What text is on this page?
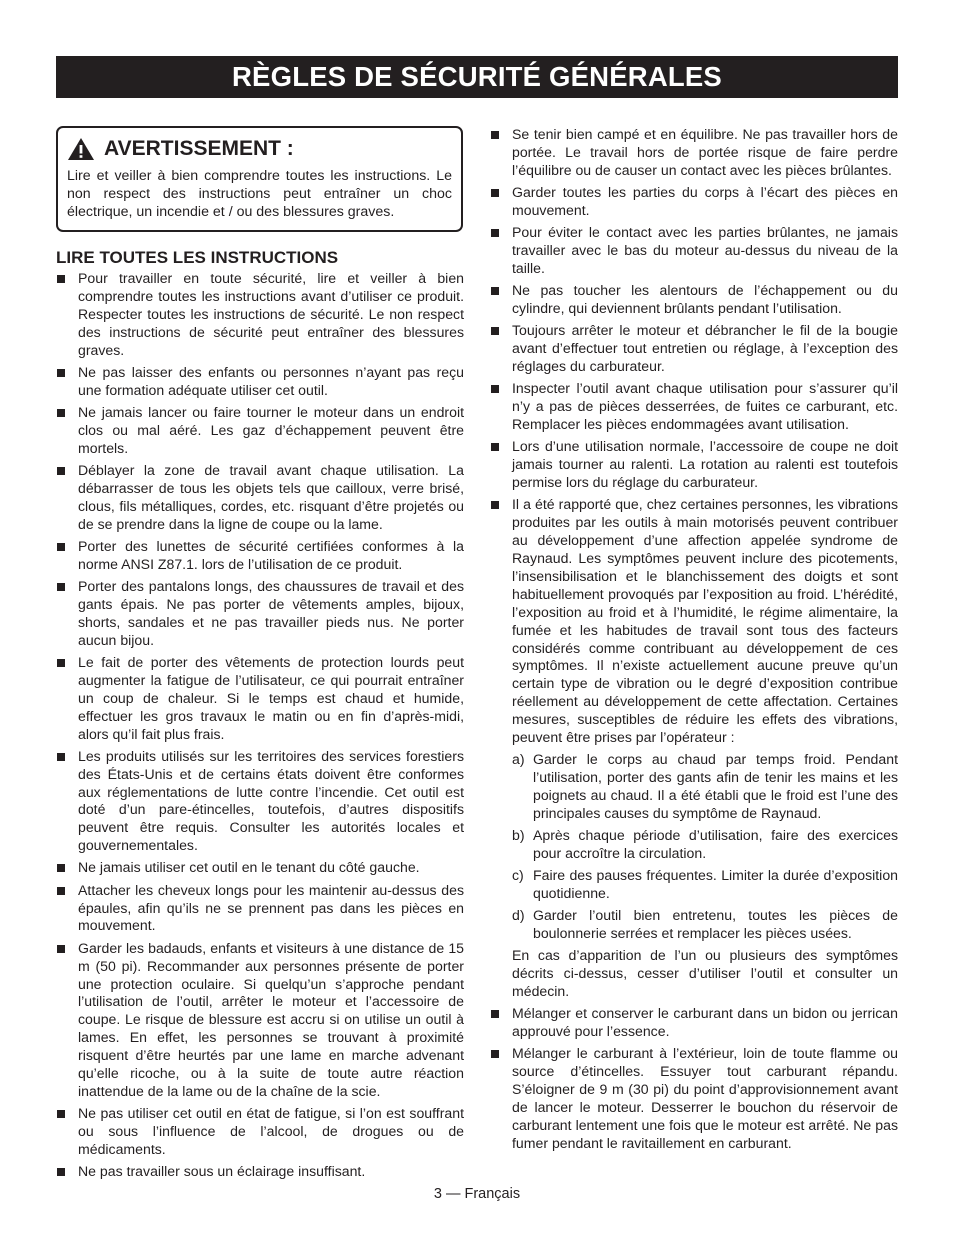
RÈGLES DE SÉCURITÉ GÉNÉRALES
AVERTISSEMENT :
Lire et veiller à bien comprendre toutes les instructions. Le non respect des instructions peut entraîner un choc électrique, un incendie et / ou des blessures graves.
LIRE TOUTES LES INSTRUCTIONS
Pour travailler en toute sécurité, lire et veiller à bien comprendre toutes les instructions avant d’utiliser ce produit. Respecter toutes les instructions de sécurité. Le non respect des instructions de sécurité peut entraîner des blessures graves.
Ne pas laisser des enfants ou personnes n’ayant pas reçu une formation adéquate utiliser cet outil.
Ne jamais lancer ou faire tourner le moteur dans un endroit clos ou mal aéré. Les gaz d’échappement peuvent être mortels.
Déblayer la zone de travail avant chaque utilisation. La débarrasser de tous les objets tels que cailloux, verre brisé, clous, fils métalliques, cordes, etc. risquant d’être projetés ou de se prendre dans la ligne de coupe ou la lame.
Porter des lunettes de sécurité certifiées conformes à la norme ANSI Z87.1. lors de l’utilisation de ce produit.
Porter des pantalons longs, des chaussures de travail et des gants épais. Ne pas porter de vêtements amples, bijoux, shorts, sandales et ne pas travailler pieds nus. Ne porter aucun bijou.
Le fait de porter des vêtements de protection lourds peut augmenter la fatigue de l’utilisateur, ce qui pourrait entraîner un coup de chaleur. Si le temps est chaud et humide, effectuer les gros travaux le matin ou en fin d’après-midi, alors qu’il fait plus frais.
Les produits utilisés sur les territoires des services forestiers des États-Unis et de certains états doivent être conformes aux réglementations de lutte contre l’incendie. Cet outil est doté d’un pare-étincelles, toutefois, d’autres dispositifs peuvent être requis. Consulter les autorités locales et gouvernementales.
Ne jamais utiliser cet outil en le tenant du côté gauche.
Attacher les cheveux longs pour les maintenir au-dessus des épaules, afin qu’ils ne se prennent pas dans les pièces en mouvement.
Garder les badauds, enfants et visiteurs à une distance de 15 m (50 pi). Recommander aux personnes présente de porter une protection oculaire. Si quelqu’un s’approche pendant l’utilisation de l’outil, arrêter le moteur et l’accessoire de coupe. Le risque de blessure est accru si on utilise un outil à lames. En effet, les personnes se trouvant à proximité risquent d’être heurtés par une lame en marche advenant qu’elle ricoche, ou à la suite de toute autre réaction inattendue de la lame ou de la chaîne de la scie.
Ne pas utiliser cet outil en état de fatigue, si l’on est souffrant ou sous l’influence de l’alcool, de drogues ou de médicaments.
Ne pas travailler sous un éclairage insuffisant.
Se tenir bien campé et en équilibre. Ne pas travailler hors de portée. Le travail hors de portée risque de faire perdre l’équilibre ou de causer un contact avec les pièces brûlantes.
Garder toutes les parties du corps à l’écart des pièces en mouvement.
Pour éviter le contact avec les parties brûlantes, ne jamais travailler avec le bas du moteur au-dessus du niveau de la taille.
Ne pas toucher les alentours de l’échappement ou du cylindre, qui deviennent brûlants pendant l’utilisation.
Toujours arrêter le moteur et débrancher le fil de la bougie avant d’effectuer tout entretien ou réglage, à l’exception des réglages du carburateur.
Inspecter l’outil avant chaque utilisation pour s’assurer qu’il n’y a pas de pièces desserrées, de fuites ce carburant, etc. Remplacer les pièces endommagées avant utilisation.
Lors d’une utilisation normale, l’accessoire de coupe ne doit jamais tourner au ralenti. La rotation au ralenti est toutefois permise lors du réglage du carburateur.
Il a été rapporté que, chez certaines personnes, les vibrations produites par les outils à main motorisés peuvent contribuer au développement d’une affection appelée syndrome de Raynaud. Les symptômes peuvent inclure des picotements, l’insensibilisation et le blanchissement des doigts et sont habituellement provoqués par l’exposition au froid. L’hérédité, l’exposition au froid et à l’humidité, le régime alimentaire, la fumée et les habitudes de travail sont tous des facteurs considérés comme contribuant au développement de ces symptômes. Il n’existe actuellement aucune preuve qu’un certain type de vibration ou le degré d’exposition contribue réellement au développement de cette affectation. Certaines mesures, susceptibles de réduire les effets des vibrations, peuvent être prises par l’opérateur :
a) Garder le corps au chaud par temps froid. Pendant l’utilisation, porter des gants afin de tenir les mains et les poignets au chaud. Il a été établi que le froid est l’une des principales causes du symptôme de Raynaud.
b) Après chaque période d’utilisation, faire des exercices pour accroître la circulation.
c) Faire des pauses fréquentes. Limiter la durée d’exposition quotidienne.
d) Garder l’outil bien entretenu, toutes les pièces de boulonnerie serrées et remplacer les pièces usées.
En cas d’apparition de l’un ou plusieurs des symptômes décrits ci-dessus, cesser d’utiliser l’outil et consulter un médecin.
Mélanger et conserver le carburant dans un bidon ou jerrican approuvé pour l’essence.
Mélanger le carburant à l’extérieur, loin de toute flamme ou source d’étincelles. Essuyer tout carburant répandu. S’éloigner de 9 m (30 pi) du point d’approvisionnement avant de lancer le moteur. Desserrer le bouchon du réservoir de carburant lentement une fois que le moteur est arrêté. Ne pas fumer pendant le ravitaillement en carburant.
3 — Français
